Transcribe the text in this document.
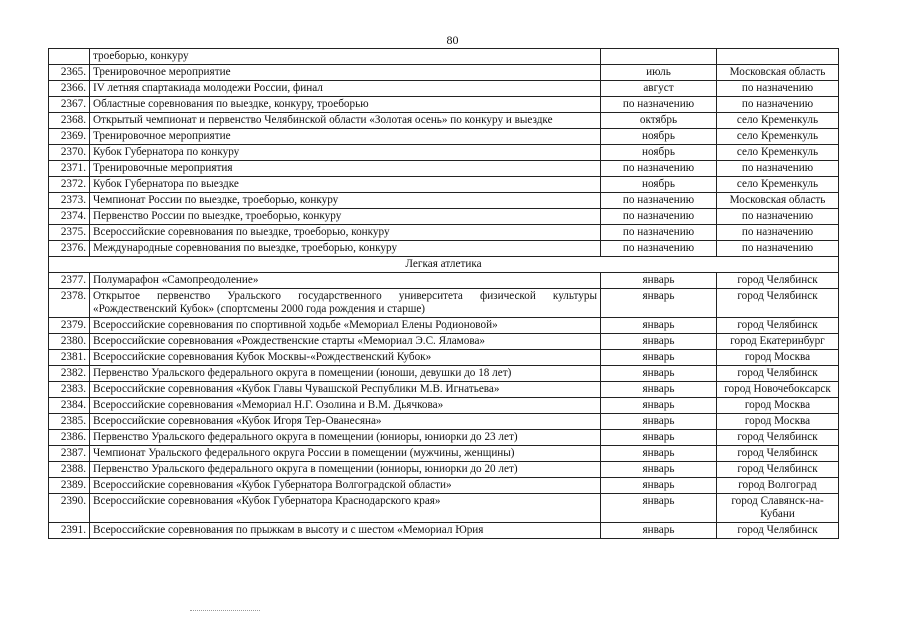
80
	троеборью, конкуру		
2365.	Тренировочное мероприятие	июль	Московская область
2366.	IV летняя спартакиада молодежи России, финал	август	по назначению
2367.	Областные соревнования по выездке, конкуру, троеборью	по назначению	по назначению
2368.	Открытый чемпионат и первенство Челябинской области «Золотая осень» по конкуру и выездке	октябрь	село Кременкуль
2369.	Тренировочное мероприятие	ноябрь	село Кременкуль
2370.	Кубок Губернатора по конкуру	ноябрь	село Кременкуль
2371.	Тренировочные мероприятия	по назначению	по назначению
2372.	Кубок Губернатора по выездке	ноябрь	село Кременкуль
2373.	Чемпионат России по выездке, троеборью, конкуру	по назначению	Московская область
2374.	Первенство России по выездке, троеборью, конкуру	по назначению	по назначению
2375.	Всероссийские соревнования по выездке, троеборью, конкуру	по назначению	по назначению
2376.	Международные соревнования по выездке, троеборью, конкуру	по назначению	по назначению
Легкая атлетика			
2377.	Полумарафон «Самопреодоление»	январь	город Челябинск
2378.	Открытое первенство Уральского государственного университета физической культуры «Рождественский Кубок» (спортсмены 2000 года рождения и старше)	январь	город Челябинск
2379.	Всероссийские соревнования по спортивной ходьбе «Мемориал Елены Родионовой»	январь	город Челябинск
2380.	Всероссийские соревнования «Рождественские старты «Мемориал Э.С. Яламова»	январь	город Екатеринбург
2381.	Всероссийские соревнования Кубок Москвы-«Рождественский Кубок»	январь	город Москва
2382.	Первенство Уральского федерального округа в помещении (юноши, девушки до 18 лет)	январь	город Челябинск
2383.	Всероссийские соревнования «Кубок Главы Чувашской Республики М.В. Игнатьева»	январь	город Новочебоксарск
2384.	Всероссийские соревнования «Мемориал Н.Г. Озолина и В.М. Дьячкова»	январь	город Москва
2385.	Всероссийские соревнования «Кубок Игоря Тер-Ованесяна»	январь	город Москва
2386.	Первенство Уральского федерального округа в помещении (юниоры, юниорки до 23 лет)	январь	город Челябинск
2387.	Чемпионат Уральского федерального округа России в помещении (мужчины, женщины)	январь	город Челябинск
2388.	Первенство Уральского федерального округа в помещении (юниоры, юниорки до 20 лет)	январь	город Челябинск
2389.	Всероссийские соревнования «Кубок Губернатора Волгоградской области»	январь	город Волгоград
2390.	Всероссийские соревнования «Кубок Губернатора Краснодарского края»	январь	город Славянск-на-Кубани
2391.	Всероссийские соревнования по прыжкам в высоту и с шестом «Мемориал Юрия	январь	город Челябинск
